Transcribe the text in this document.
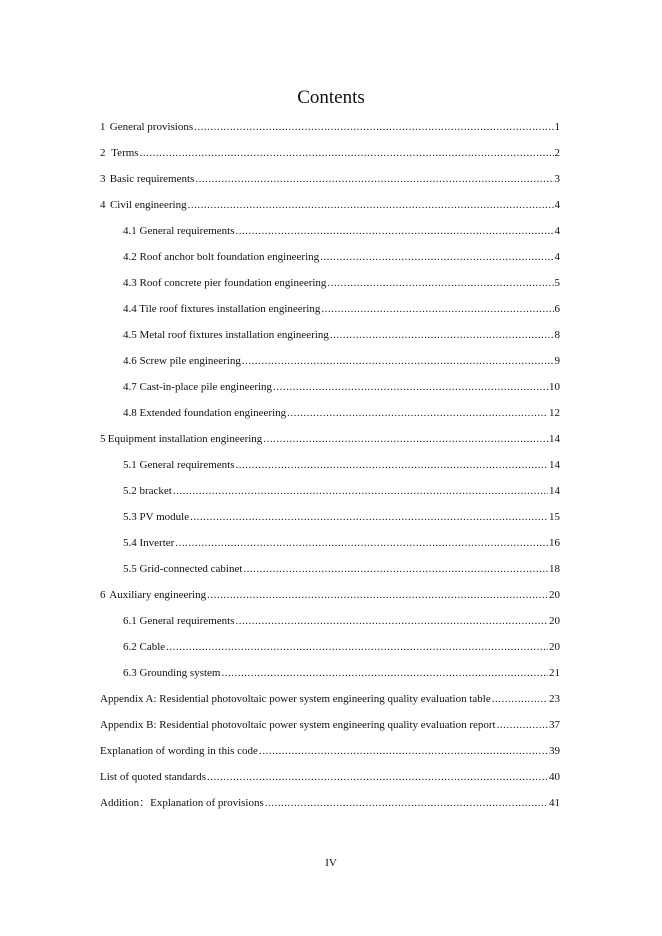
Contents
1 General provisions .....	1
2 Terms .....	2
3 Basic requirements .....	3
4 Civil engineering .....	4
4.1 General requirements .....	4
4.2 Roof anchor bolt foundation engineering .....	4
4.3 Roof concrete pier foundation engineering .....	5
4.4 Tile roof fixtures installation engineering .....	6
4.5 Metal roof fixtures installation engineering .....	8
4.6 Screw pile engineering .....	9
4.7 Cast-in-place pile engineering .....	10
4.8 Extended foundation engineering .....	12
5 Equipment installation engineering .....	14
5.1 General requirements .....	14
5.2 bracket .....	14
5.3 PV module .....	15
5.4 Inverter .....	16
5.5 Grid-connected cabinet .....	18
6 Auxiliary engineering .....	20
6.1 General requirements .....	20
6.2 Cable .....	20
6.3 Grounding system .....	21
Appendix A: Residential photovoltaic power system engineering quality evaluation table .....	23
Appendix B: Residential photovoltaic power system engineering quality evaluation report .....	37
Explanation of wording in this code .....	39
List of quoted standards .....	40
Addition：Explanation of provisions .....	41
IV
